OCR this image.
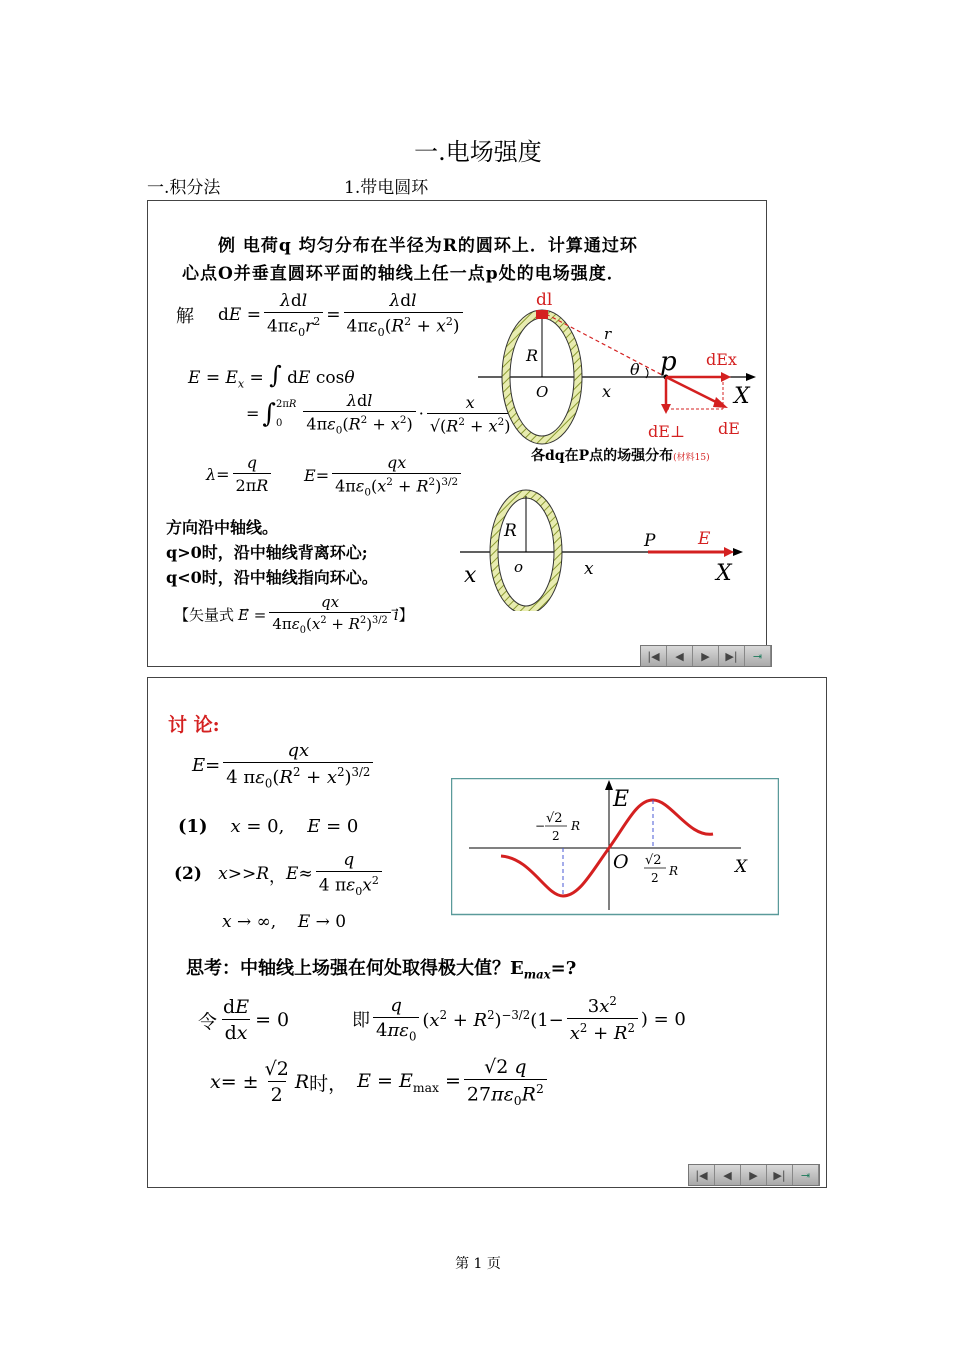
一.电场强度
一.积分法	1.带电圆环
例 电荷q 均匀分布在半径为R的圆环上．计算通过环
心点O并垂直圆环平面的轴线上任一点p处的电场强度．
解 dE = $\frac{\text{λdl}}{4\pi\varepsilon_0r^2} = \frac{\text{λdl}}{4\pi\varepsilon_0(R^2 + x^2)}$
$E = E_x$ = ∫ dE cosθ
= ∫ 2πR
0	$\frac{\text{λdl}}{4\pi\varepsilon_0(R^2 + x^2)} \cdot \frac{x}{√(R^2 + x^2)}$
$\lambda = \frac{q}{2\pi R}$ $E = \frac{qx}{4\pi\varepsilon_0(x^2 + R^2)^{3/2}}$
方向沿中轴线。
q>0时，沿中轴线背离环心;
q<0时，沿中轴线指向环心。
【 矢量式 E⃗ = $\frac{qx}{4\pi\varepsilon_0(x^2 + R^2)^{3/2}}$ i 】
dl
r
R
O	x
θ p dEx
X
dE⊥ dE
各dq在P点的场强分布(材料15)
R
o	x
x
P	E
X
|◀	◀	▶	▶|	⇥
讨 论:
$E = \frac{qx}{4 \pi\varepsilon_0(R^2 + x^2)^{3/2}}$
(1) x = 0,    E = 0
(2)
x >> R ， $E \approx \frac{q}{4 \pi\varepsilon_0x^2}$
x → ∞,    E → 0
E
O	X
− √2
2
R
√2
2 R
思考：中轴线上场强在何处取得极大值？$E_{max}=$?
令 $\frac{dE}{dx} = 0$	即 $\frac{q}{4\pi\varepsilon_0} (x^2 + R^2)^{-3/2}(1- \frac{3x^2}{x^2 + R^2}$ ) = 0
x = ± $\frac{√2}{2}$ R 时， $E = E_{max} = \frac{√2 q}{27\pi\varepsilon_0R^2}$
|◀	◀	▶	▶|	⇥
第 1 页
